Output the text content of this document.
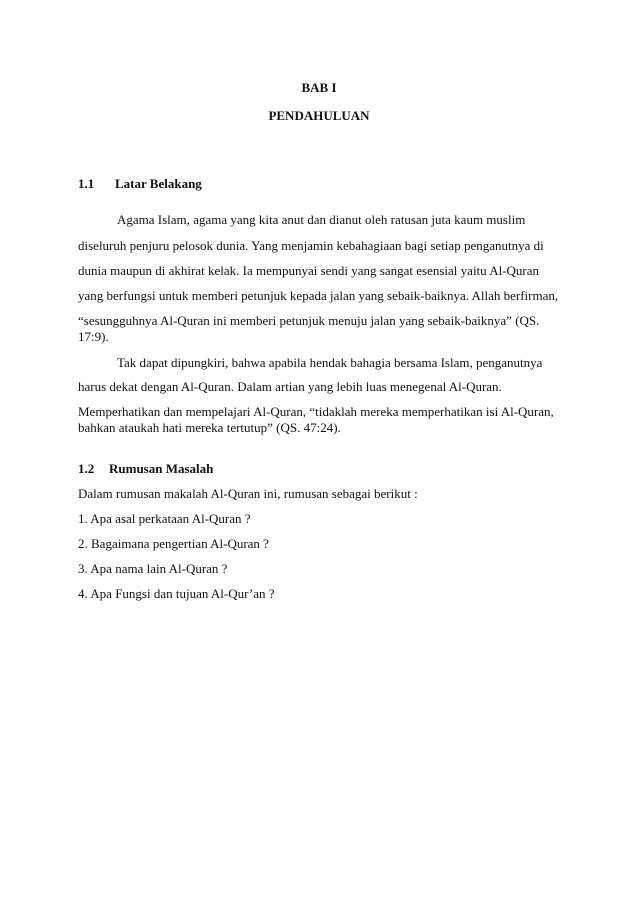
BAB I
PENDAHULUAN
1.1 Latar Belakang
Agama Islam, agama yang kita anut dan dianut oleh ratusan juta kaum muslim
diseluruh penjuru pelosok dunia. Yang menjamin kebahagiaan bagi setiap penganutnya di
dunia maupun di akhirat kelak. Ia mempunyai sendi yang sangat esensial yaitu Al-Quran
yang berfungsi untuk memberi petunjuk kepada jalan yang sebaik-baiknya. Allah berfirman,
“sesungguhnya Al-Quran ini memberi petunjuk menuju jalan yang sebaik-baiknya” (QS.
17:9).
Tak dapat dipungkiri, bahwa apabila hendak bahagia bersama Islam, penganutnya
harus dekat dengan Al-Quran. Dalam artian yang lebih luas menegenal Al-Quran.
Memperhatikan dan mempelajari Al-Quran, “tidaklah mereka memperhatikan isi Al-Quran,
bahkan ataukah hati mereka tertutup” (QS. 47:24).
1.2 Rumusan Masalah
Dalam rumusan makalah Al-Quran ini, rumusan sebagai berikut :
1. Apa asal perkataan Al-Quran ?
2. Bagaimana pengertian Al-Quran ?
3. Apa nama lain Al-Quran ?
4. Apa Fungsi dan tujuan Al-Qur’an ?
